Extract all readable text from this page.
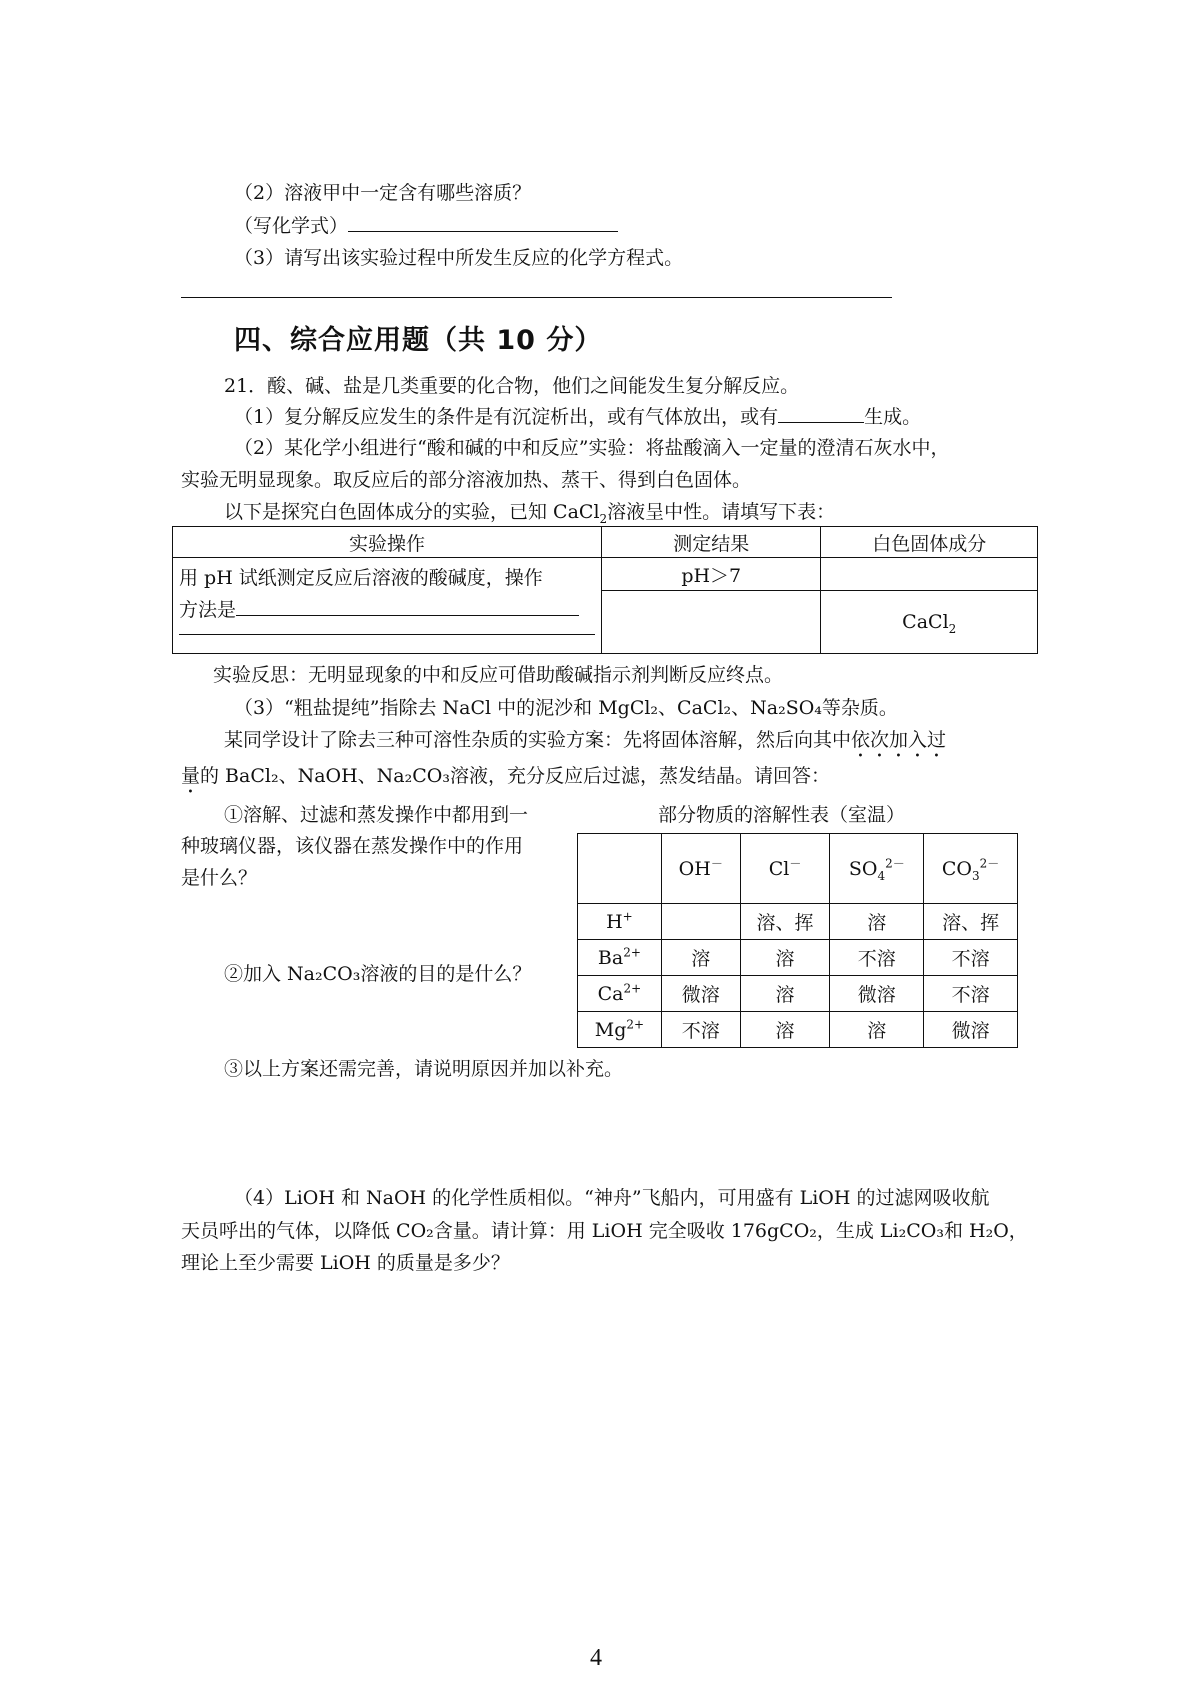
（2）溶液甲中一定含有哪些溶质？
（写化学式）
（3）请写出该实验过程中所发生反应的化学方程式。
四、综合应用题（共 10 分）
21．酸、碱、盐是几类重要的化合物，他们之间能发生复分解反应。
（1）复分解反应发生的条件是有沉淀析出，或有气体放出，或有	生成。
（2）某化学小组进行“酸和碱的中和反应”实验：将盐酸滴入一定量的澄清石灰水中，
实验无明显现象。取反应后的部分溶液加热、蒸干、得到白色固体。
以下是探究白色固体成分的实验，已知 CaCl$_2$溶液呈中性。请填写下表：
实验操作	测定结果	白色固体成分

用 pH 试纸测定反应后溶液的酸碱度，操作
方法是	pH＞7	
		CaCl$_2$
实验反思：无明显现象的中和反应可借助酸碱指示剂判断反应终点。
（3）“粗盐提纯”指除去 NaCl 中的泥沙和 MgCl₂、CaCl₂、Na₂SO₄等杂质。
某同学设计了除去三种可溶性杂质的实验方案：先将固体溶解，然后向其中依次加入过
量的 BaCl₂、NaOH、Na₂CO₃溶液，充分反应后过滤，蒸发结晶。请回答：
①溶解、过滤和蒸发操作中都用到一
种玻璃仪器，该仪器在蒸发操作中的作用
是什么？
部分物质的溶解性表（室温）
	OH－	Cl－	$SO_4^{2-}$	$CO_3^{2-}$
H+		溶、挥	溶	溶、挥
$Ba^{2+}$	溶	溶	不溶	不溶
$Ca^{2+}$	微溶	溶	微溶	不溶
$Mg^{2+}$	不溶	溶	溶	微溶
②加入 Na₂CO₃溶液的目的是什么？
③以上方案还需完善，请说明原因并加以补充。
（4）LiOH 和 NaOH 的化学性质相似。“神舟”飞船内，可用盛有 LiOH 的过滤网吸收航
天员呼出的气体，以降低 CO₂含量。请计算：用 LiOH 完全吸收 176gCO₂，生成 Li₂CO₃和 H₂O，
理论上至少需要 LiOH 的质量是多少？
4
